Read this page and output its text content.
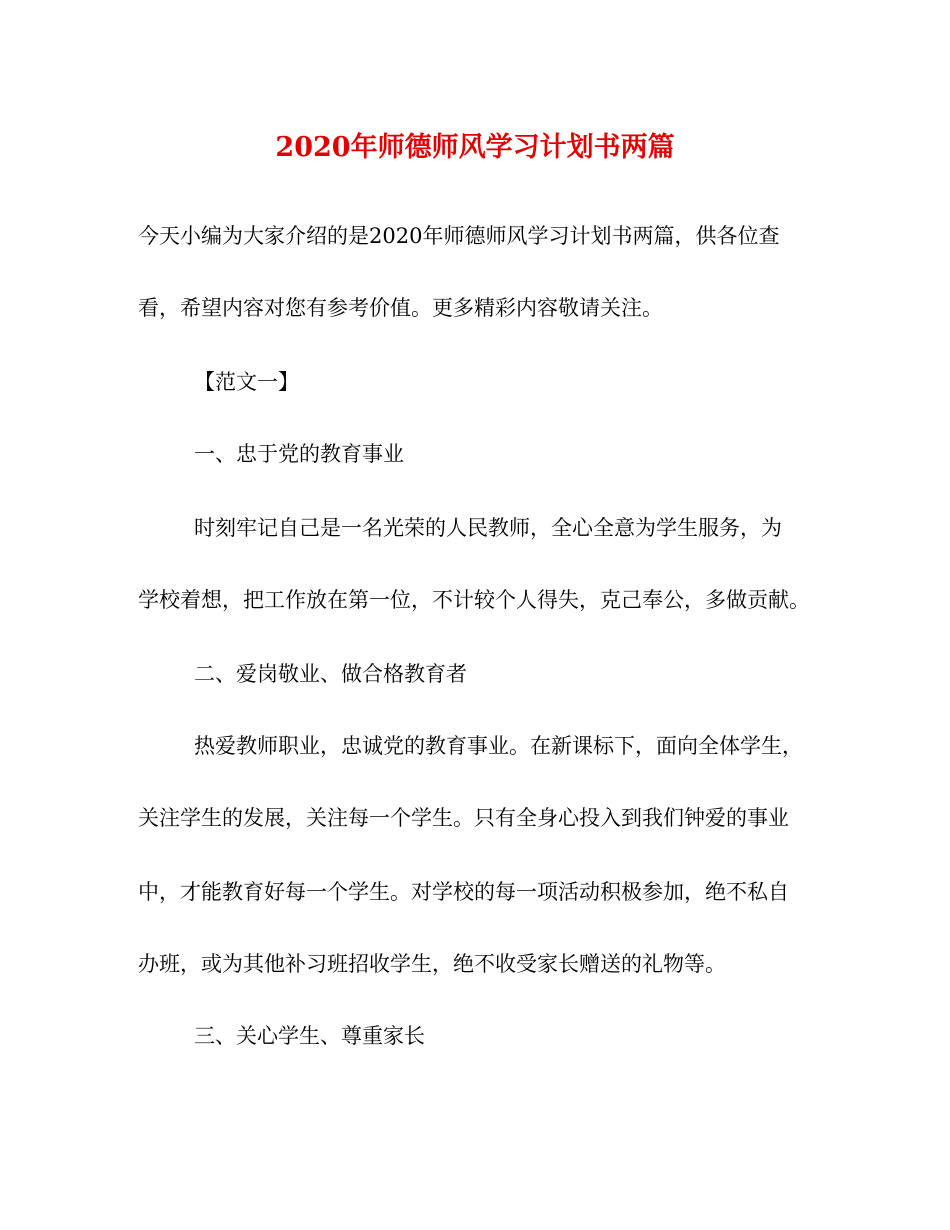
2020年师德师风学习计划书两篇
今天小编为大家介绍的是2020年师德师风学习计划书两篇，供各位查
看，希望内容对您有参考价值。更多精彩内容敬请关注。
【范文一】
一、忠于党的教育事业
时刻牢记自己是一名光荣的人民教师，全心全意为学生服务，为
学校着想，把工作放在第一位，不计较个人得失，克己奉公，多做贡献。
二、爱岗敬业、做合格教育者
热爱教师职业，忠诚党的教育事业。在新课标下，面向全体学生，
关注学生的发展，关注每一个学生。只有全身心投入到我们钟爱的事业
中，才能教育好每一个学生。对学校的每一项活动积极参加，绝不私自
办班，或为其他补习班招收学生，绝不收受家长赠送的礼物等。
三、关心学生、尊重家长
